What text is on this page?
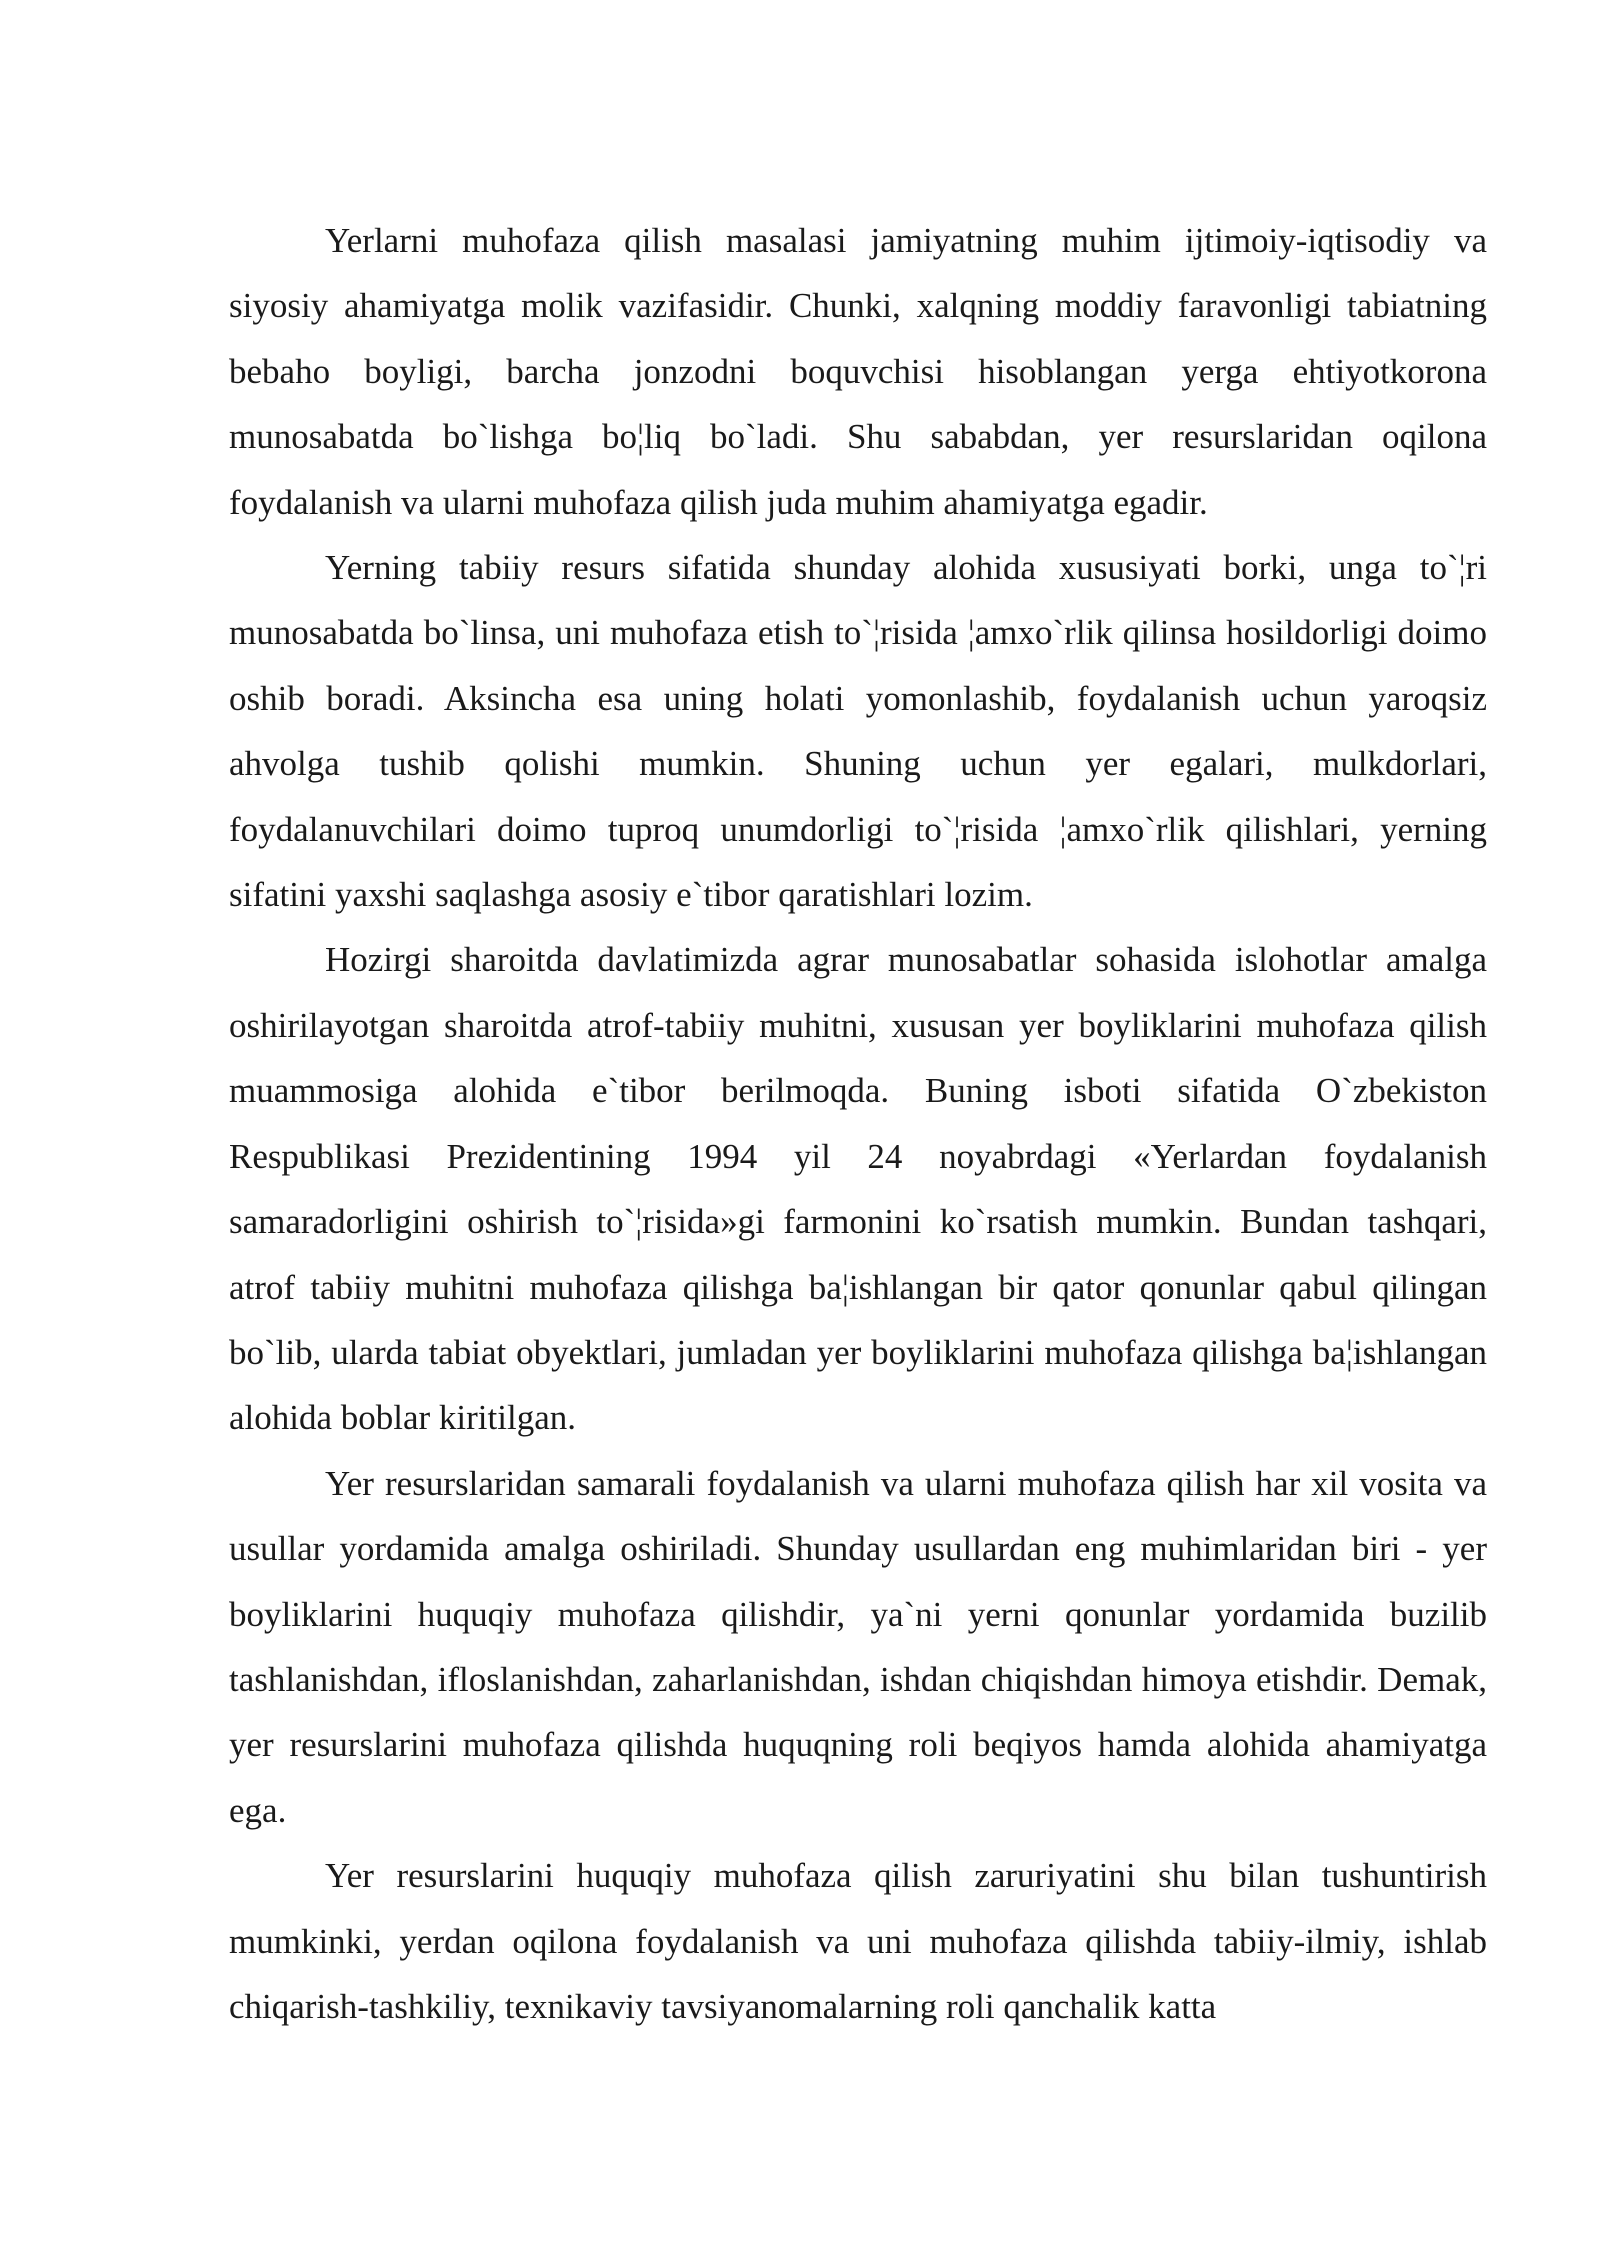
Yerlarni muhofaza qilish masalasi jamiyatning muhim ijtimoiy-iqtisodiy va siyosiy ahamiyatga molik vazifasidir. Chunki, xalqning moddiy faravonligi tabiatning bebaho boyligi, barcha jonzodni boquvchisi hisoblangan yerga ehtiyotkorona munosabatda bo`lishga bo¦liq bo`ladi. Shu sababdan, yer resurslaridan oqilona foydalanish va ularni muhofaza qilish juda muhim ahamiyatga egadir.

Yerning tabiiy resurs sifatida shunday alohida xususiyati borki, unga to`¦ri munosabatda bo`linsa, uni muhofaza etish to`¦risida ¦amxo`rlik qilinsa hosildorligi doimo oshib boradi. Aksincha esa uning holati yomonlashib, foydalanish uchun yaroqsiz ahvolga tushib qolishi mumkin. Shuning uchun yer egalari, mulkdorlari, foydalanuvchilari doimo tuproq unumdorligi to`¦risida ¦amxo`rlik qilishlari, yerning sifatini yaxshi saqlashga asosiy e`tibor qaratishlari lozim.

Hozirgi sharoitda davlatimizda agrar munosabatlar sohasida islohotlar amalga oshirilayotgan sharoitda atrof-tabiiy muhitni, xususan yer boyliklarini muhofaza qilish muammosiga alohida e`tibor berilmoqda. Buning isboti sifatida O`zbekiston Respublikasi Prezidentining 1994 yil 24 noyabrdagi «Yerlardan foydalanish samaradorligini oshirish to`¦risida»gi farmonini ko`rsatish mumkin. Bundan tashqari, atrof tabiiy muhitni muhofaza qilishga ba¦ishlangan bir qator qonunlar qabul qilingan bo`lib, ularda tabiat obyektlari, jumladan yer boyliklarini muhofaza qilishga ba¦ishlangan alohida boblar kiritilgan.

Yer resurslaridan samarali foydalanish va ularni muhofaza qilish har xil vosita va usullar yordamida amalga oshiriladi. Shunday usullardan eng muhimlaridan biri - yer boyliklarini huquqiy muhofaza qilishdir, ya`ni yerni qonunlar yordamida buzilib tashlanishdan, ifloslanishdan, zaharlanishdan, ishdan chiqishdan himoya etishdir. Demak, yer resurslarini muhofaza qilishda huquqning roli beqiyos hamda alohida ahamiyatga ega.

Yer resurslarini huquqiy muhofaza qilish zaruriyatini shu bilan tushuntirish mumkinki, yerdan oqilona foydalanish va uni muhofaza qilishda tabiiy-ilmiy, ishlab chiqarish-tashkiliy, texnikaviy tavsiyanomalarning roli qanchalik katta
